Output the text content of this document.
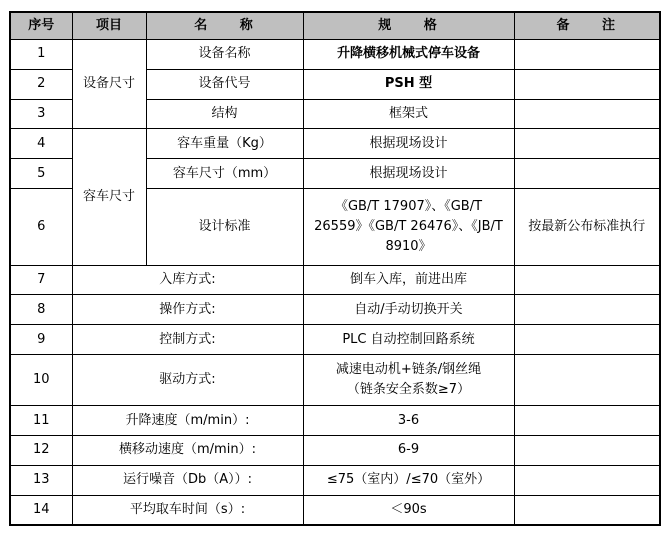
序号	项目	名 称	规 格	备 注
1	设备尺寸	设备名称	升降横移机械式停车设备	
2		设备代号	PSH 型	
3		结构	框架式	
4	容车尺寸	容车重量（Kg）	根据现场设计	
5		容车尺寸（mm）	根据现场设计	
6		设计标准	《GB/T 17907》、《GB/T
26559》《GB/T 26476》、《JB/T
8910》	按最新公布标准执行
7	入库方式:		倒车入库，前进出库	
8	操作方式:		自动/手动切换开关	
9	控制方式:		PLC 自动控制回路系统	
10	驱动方式:		减速电动机+链条/钢丝绳
（链条安全系数≥7）	

11	升降速度（m/min）:		3-6	
12	横移动速度（m/min）:		6-9	
13	运行噪音（Db（A））:		≤75（室内）/≤70（室外）	
14	平均取车时间（s）:		＜90s	
